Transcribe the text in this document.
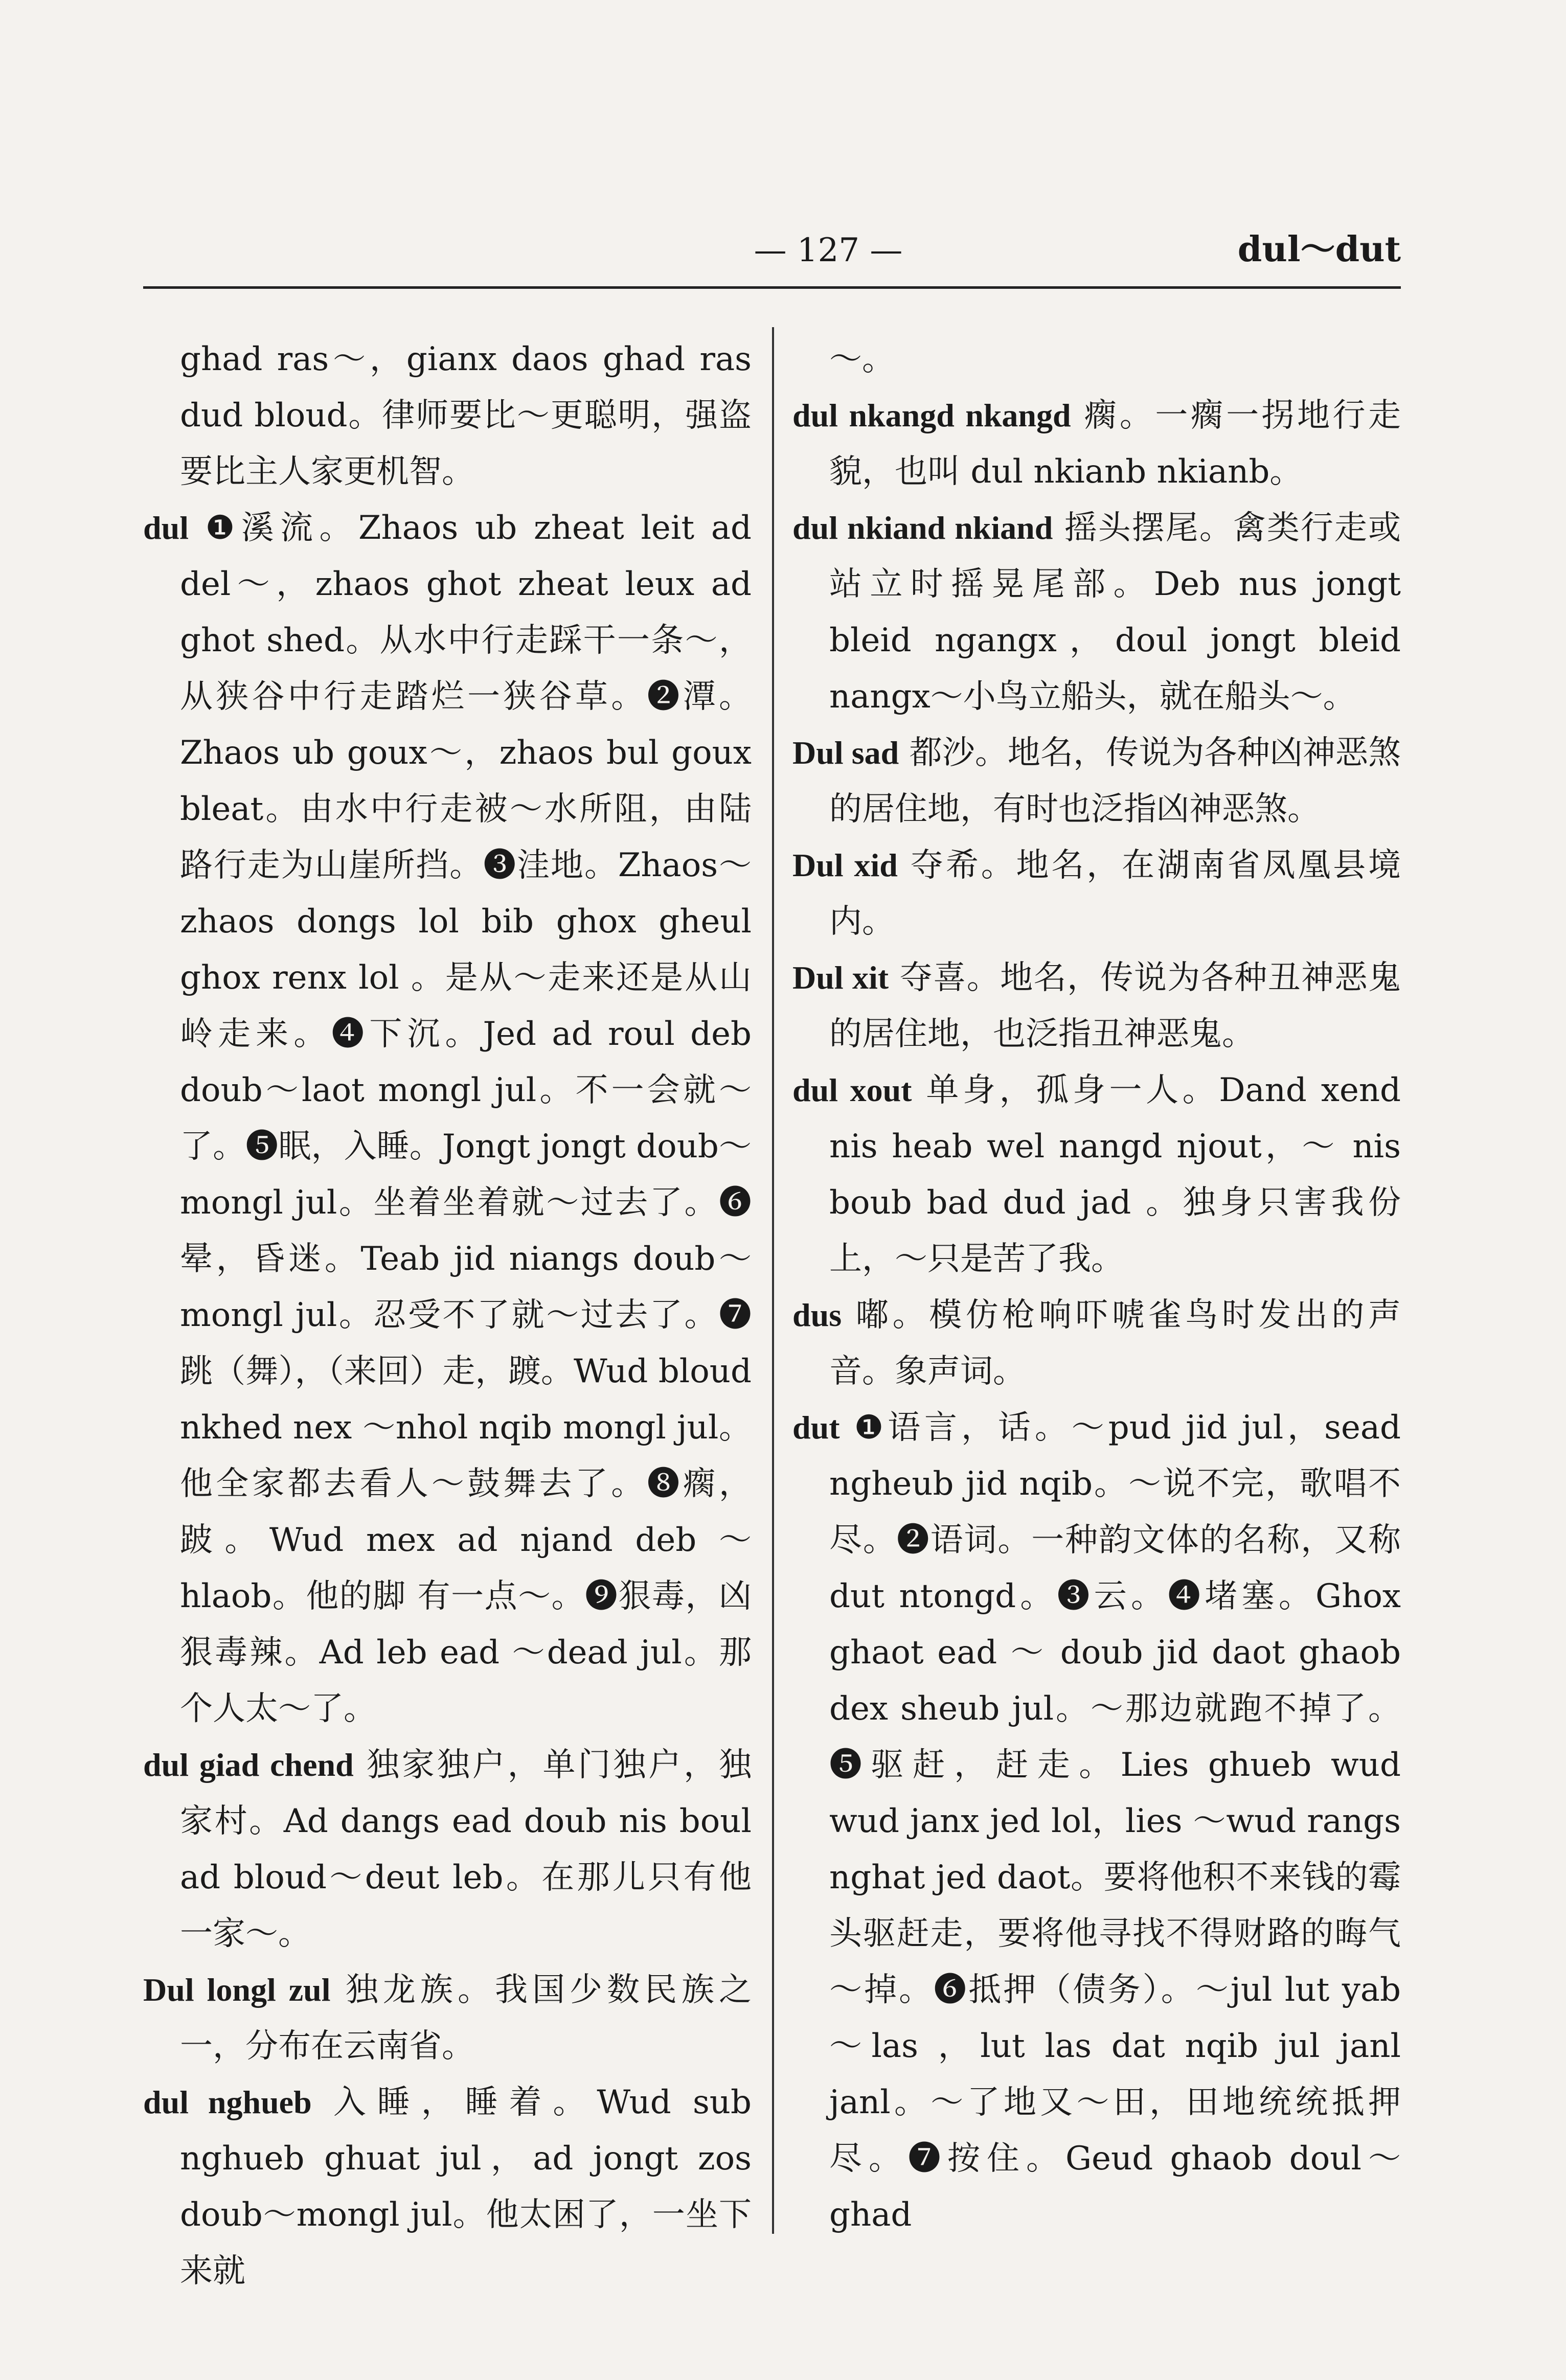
— 127 —	dul～dut

ghad ras～，gianx daos ghad ras dud bloud。律师要比～更聪明，强盗要比主人家更机智。

dul ❶溪流。Zhaos ub zheat leit ad del～，zhaos ghot zheat leux ad ghot shed。从水中行走踩干一条～，从狭谷中行走踏烂一狭谷草。❷潭。Zhaos ub goux～，zhaos bul goux bleat。由水中行走被～水所阻，由陆路行走为山崖所挡。❸洼地。Zhaos～zhaos dongs lol bib ghox gheul ghox renx lol 。是从～走来还是从山岭走来。❹下沉。Jed ad roul deb doub～laot mongl jul。不一会就～了。❺眠，入睡。Jongt jongt doub～mongl jul。坐着坐着就～过去了。❻晕，昏迷。Teab jid niangs doub～mongl jul。忍受不了就～过去了。❼跳（舞），（来回）走，踱。Wud bloud nkhed nex ～nhol nqib mongl jul。他全家都去看人～鼓舞去了。❽瘸，跛。Wud mex ad njand deb ～hlaob。他的脚 有一点～。❾狠毒，凶狠毒辣。Ad leb ead ～dead jul。那个人太～了。

dul giad chend 独家独户，单门独户，独家村。Ad dangs ead doub nis boul ad bloud～deut leb。在那儿只有他一家～。

Dul longl zul 独龙族。我国少数民族之一，分布在云南省。

dul nghueb 入睡，睡着。Wud sub nghueb ghuat jul，ad jongt zos doub～mongl jul。他太困了，一坐下来就

～。

dul nkangd nkangd 瘸。一瘸一拐地行走貌，也叫 dul nkianb nkianb。

dul nkiand nkiand 摇头摆尾。禽类行走或站立时摇晃尾部。Deb nus jongt bleid ngangx，doul jongt bleid nangx～小鸟立船头，就在船头～。

Dul sad 都沙。地名，传说为各种凶神恶煞的居住地，有时也泛指凶神恶煞。

Dul xid 夺希。地名，在湖南省凤凰县境内。

Dul xit 夺喜。地名，传说为各种丑神恶鬼的居住地，也泛指丑神恶鬼。

dul xout 单身，孤身一人。Dand xend nis heab wel nangd njout，～ nis boub bad dud jad 。独身只害我份上，～只是苦了我。

dus 嘟。模仿枪响吓唬雀鸟时发出的声音。象声词。

dut ❶语言，话。～pud jid jul，sead ngheub jid nqib。～说不完，歌唱不尽。❷语词。一种韵文体的名称，又称 dut ntongd。❸云。❹堵塞。Ghox ghaot ead ～ doub jid daot ghaob dex sheub jul。～那边就跑不掉了。❺驱赶，赶走。Lies ghueb wud wud janx jed lol，lies ～wud rangs nghat jed daot。要将他积不来钱的霉头驱赶走，要将他寻找不得财路的晦气～掉。❻抵押（债务）。～jul lut yab ～las ，lut las dat nqib jul janl janl。～了地又～田，田地统统抵押尽。❼按住。Geud ghaob doul～ ghad
